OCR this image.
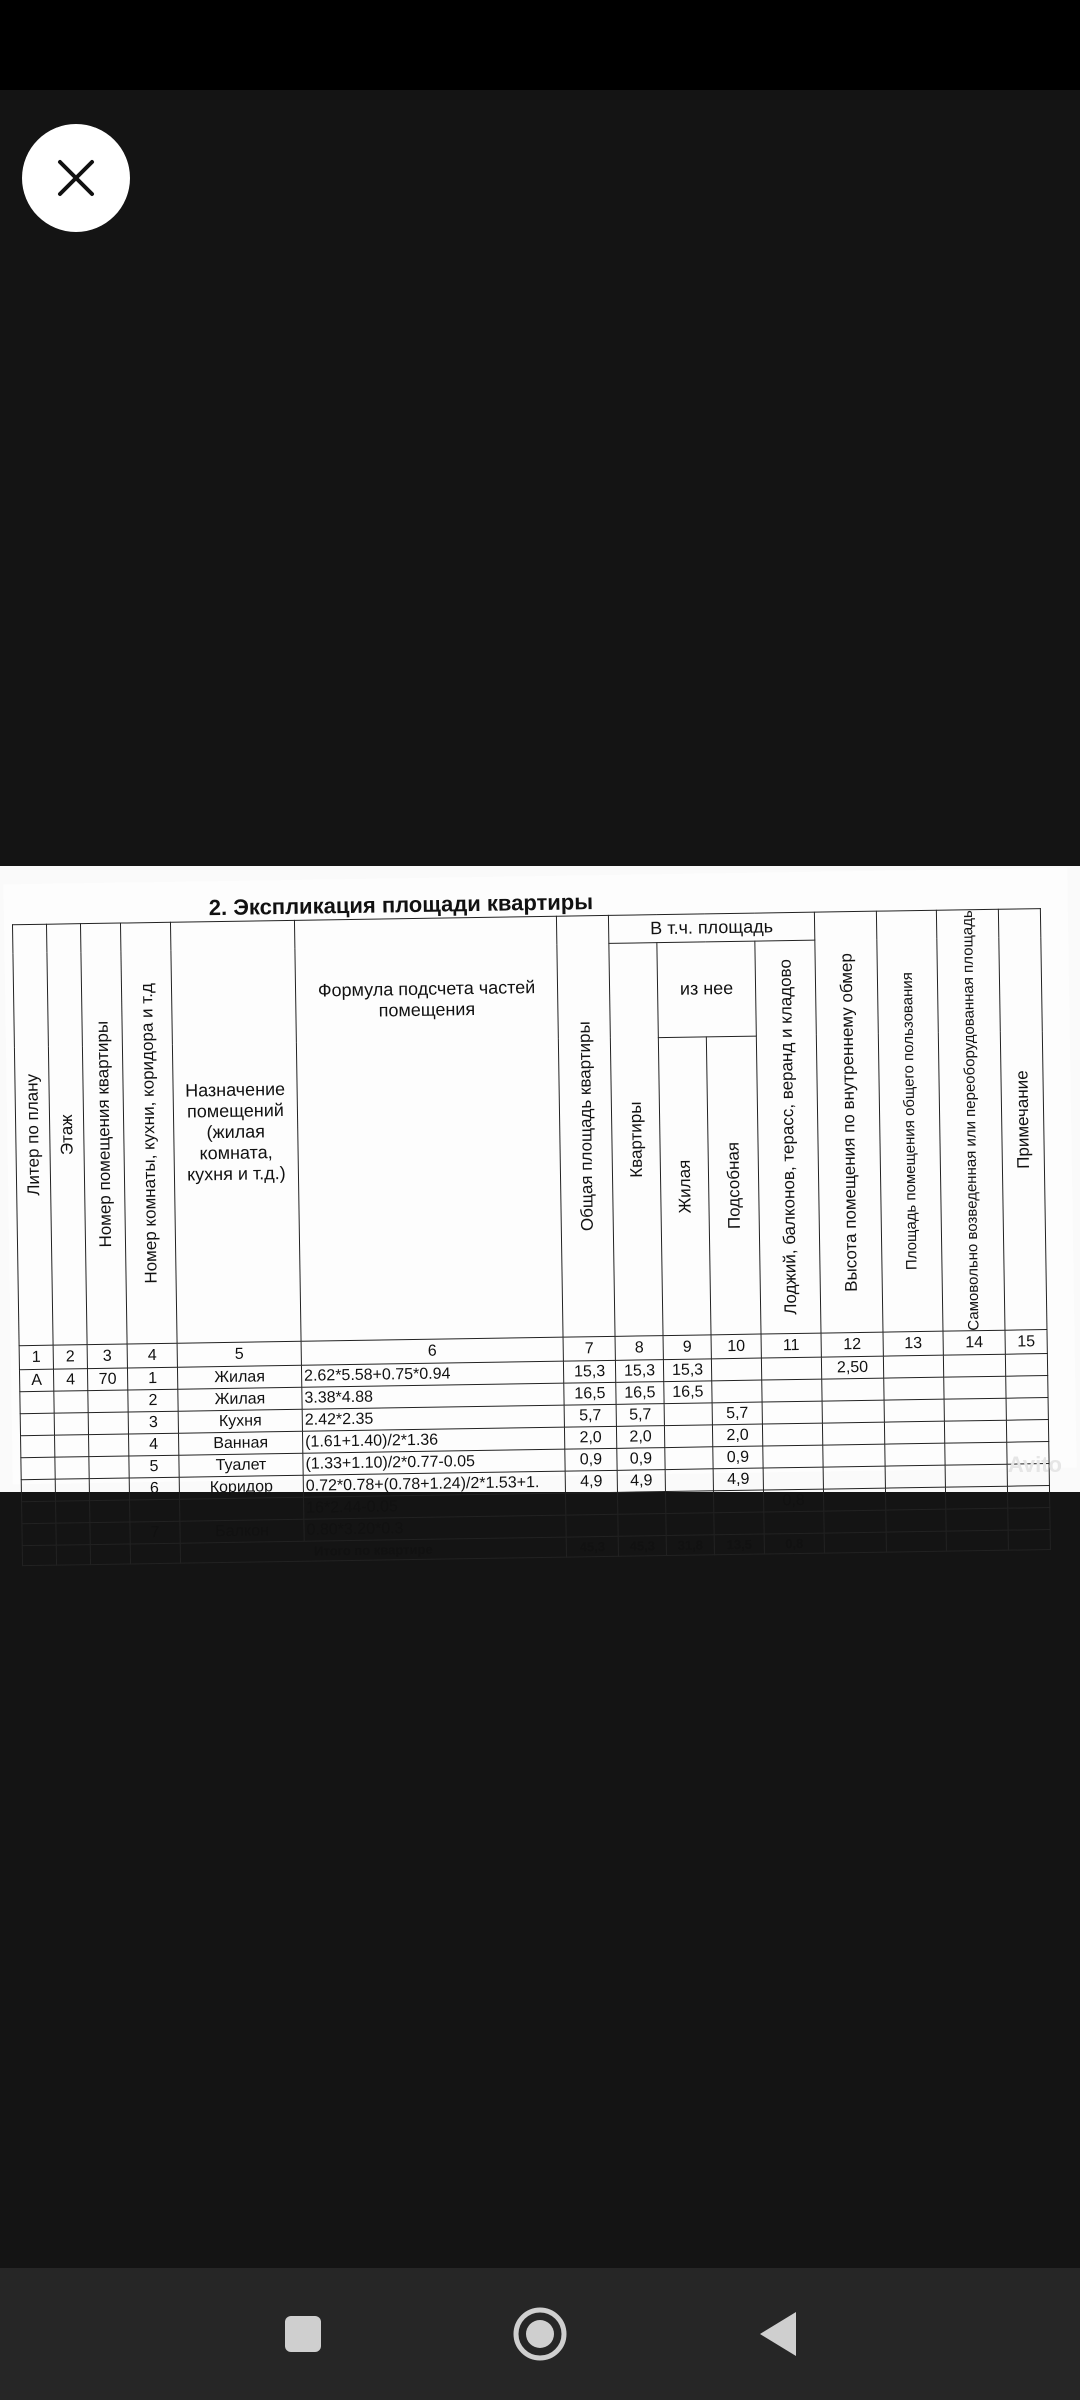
2. Экспликация площади квартиры
Литер по плану	Этаж	Номер помещения квартиры	Номер комнаты, кухни, коридора и т.д	Назначение помещений (жилая комната, кухня и т.д.)	Формула подсчета частей помещения	Общая площадь квартиры	В т.ч. площадь				Высота помещения по внутреннему обмер	Площадь помещения общего пользования	Самовольно возведенная или переоборудованная площадь	Примечание

							Квартиры	из нее		Лоджий, балконов, терасс, веранд и кладово				

								Жилая	Подсобная					

1	2	3	4	5	6	7	8	9	10	11	12	13	14	15
А	4	70	1	Жилая	2.62*5.58+0.75*0.94	15,3	15,3	15,3			2,50			
			2	Жилая	3.38*4.88	16,5	16,5	16,5						
			3	Кухня	2.42*2.35	5,7	5,7		5,7					
			4	Ванная	(1.61+1.40)/2*1.36	2,0	2,0		2,0					
			5	Туалет	(1.33+1.10)/2*0.77-0.05	0,9	0,9		0,9					
			6	Коридор	0.72*0.78+(0.78+1.24)/2*1.53+1.	4,9	4,9		4,9					
					16*2.44-0.05					0,8				
			7	Балкон	0.80*3.20*0.3									
				Итого по квартире		45,3	45,3	31,8	13,5	0,8				
Avito
